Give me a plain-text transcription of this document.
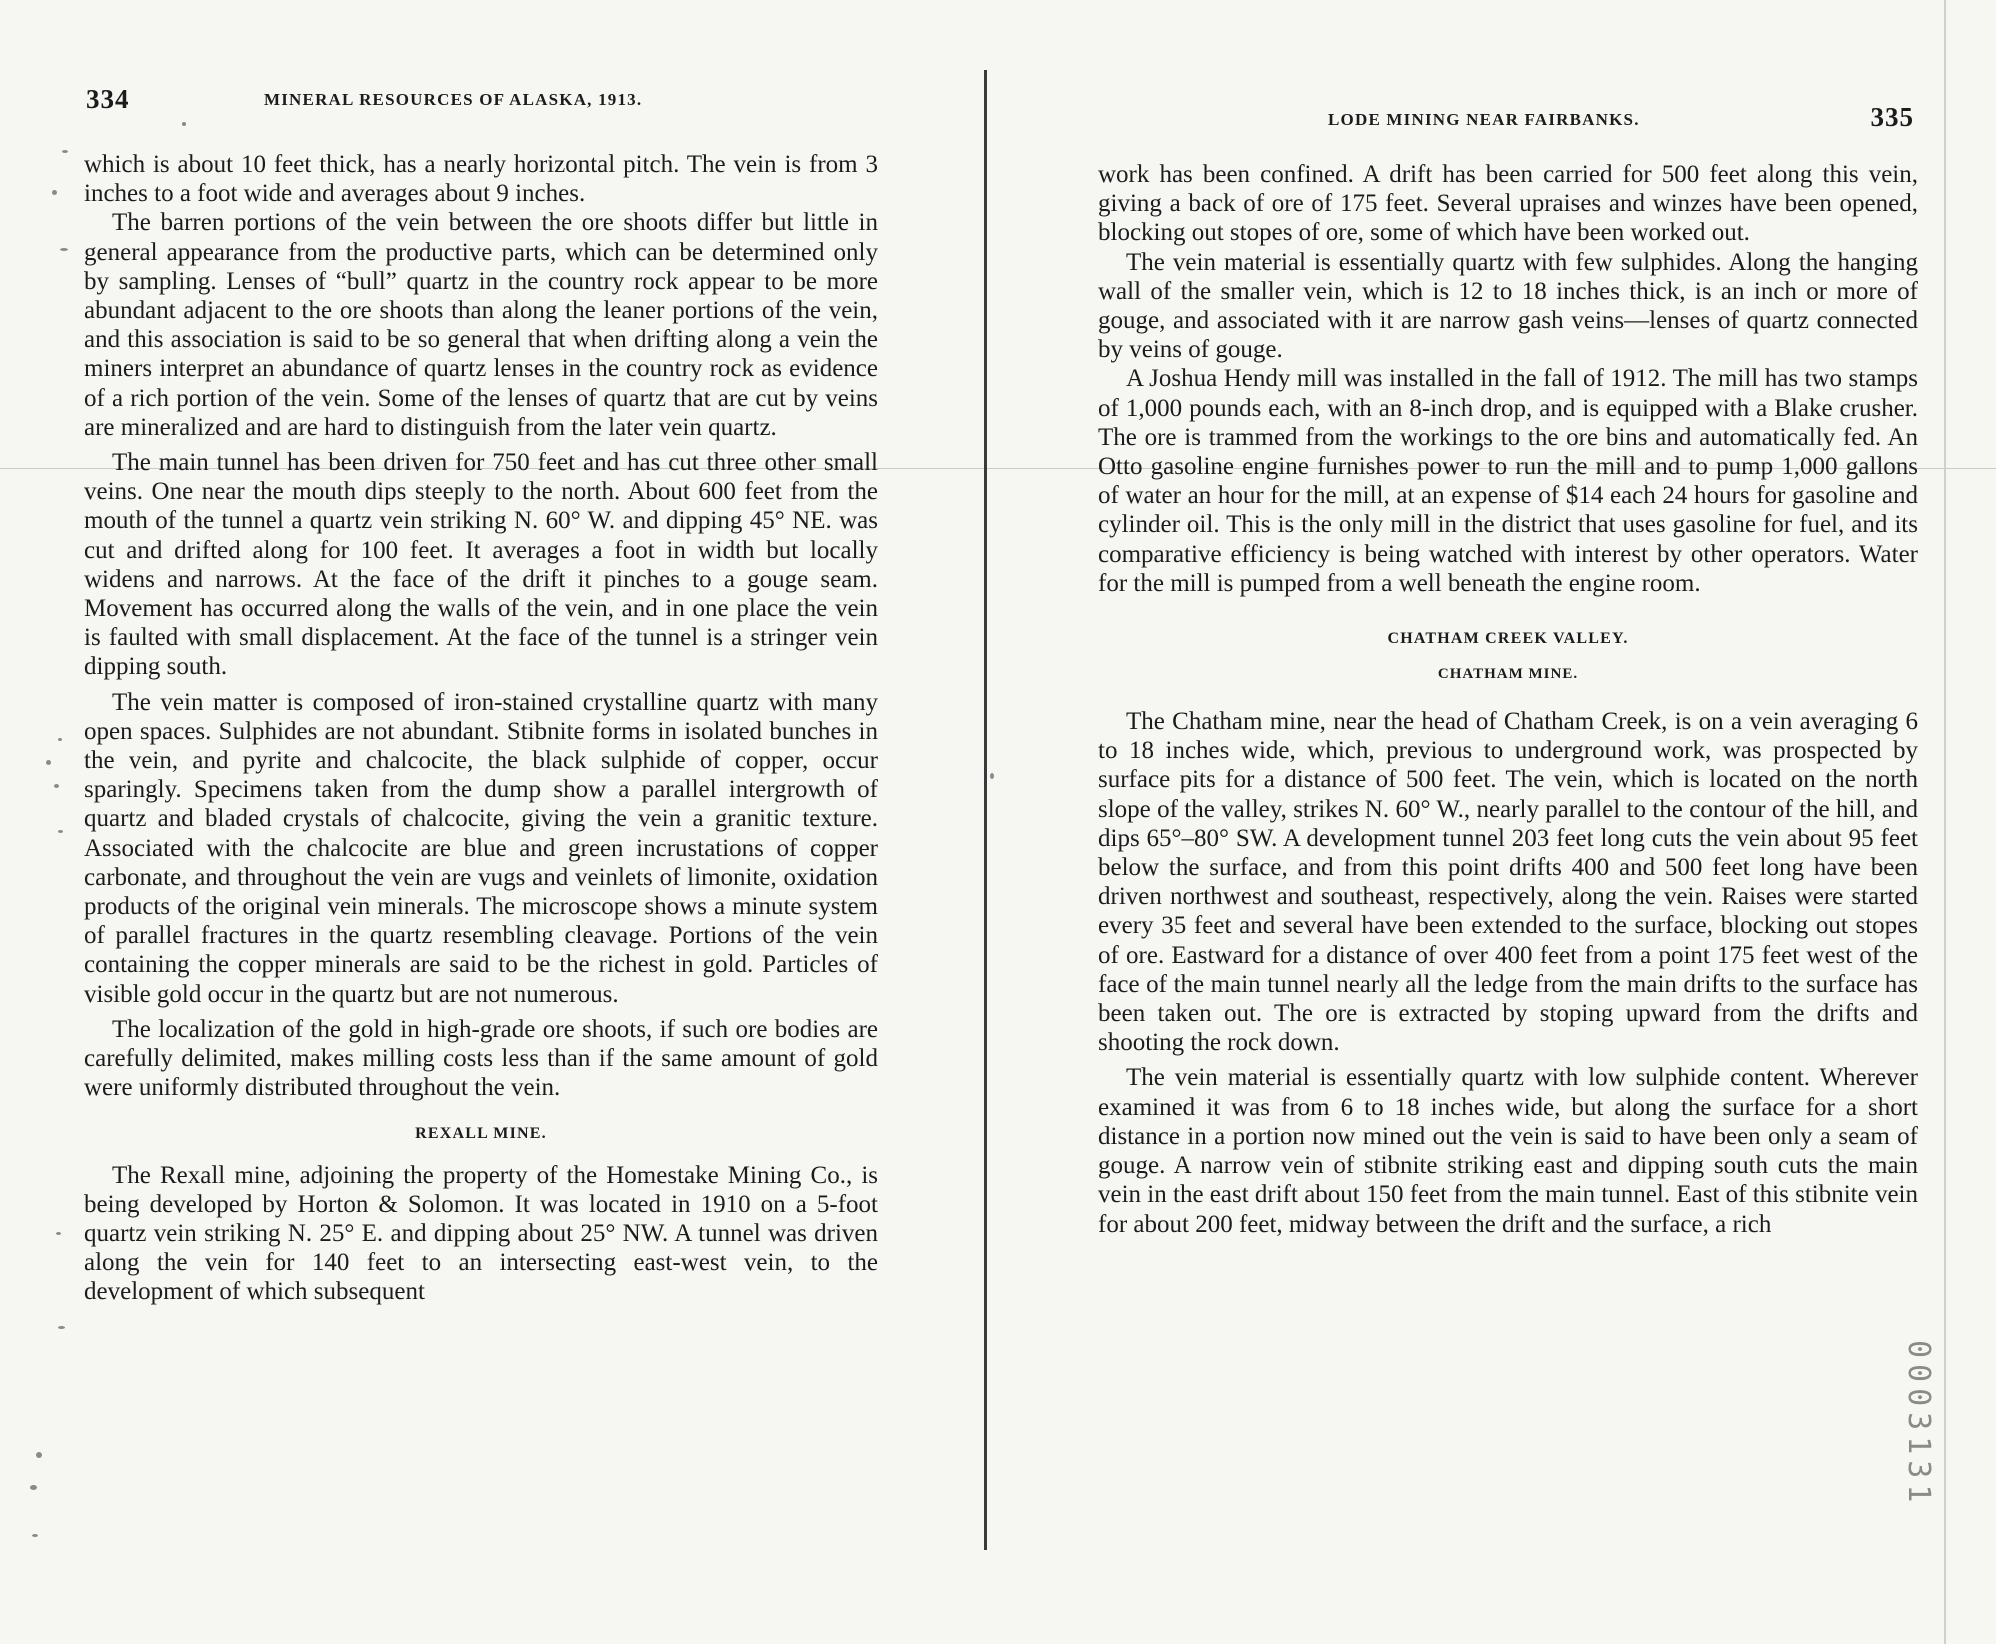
334	MINERAL RESOURCES OF ALASKA, 1913.

which is about 10 feet thick, has a nearly horizontal pitch. The vein is from 3 inches to a foot wide and averages about 9 inches.

The barren portions of the vein between the ore shoots differ but little in general appearance from the productive parts, which can be determined only by sampling. Lenses of “bull” quartz in the country rock appear to be more abundant adjacent to the ore shoots than along the leaner portions of the vein, and this association is said to be so general that when drifting along a vein the miners interpret an abundance of quartz lenses in the country rock as evidence of a rich portion of the vein. Some of the lenses of quartz that are cut by veins are mineralized and are hard to distinguish from the later vein quartz.

The main tunnel has been driven for 750 feet and has cut three other small veins. One near the mouth dips steeply to the north. About 600 feet from the mouth of the tunnel a quartz vein striking N. 60° W. and dipping 45° NE. was cut and drifted along for 100 feet. It averages a foot in width but locally widens and narrows. At the face of the drift it pinches to a gouge seam. Movement has occurred along the walls of the vein, and in one place the vein is faulted with small displacement. At the face of the tunnel is a stringer vein dipping south.

The vein matter is composed of iron-stained crystalline quartz with many open spaces. Sulphides are not abundant. Stibnite forms in isolated bunches in the vein, and pyrite and chalcocite, the black sulphide of copper, occur sparingly. Specimens taken from the dump show a parallel intergrowth of quartz and bladed crystals of chalcocite, giving the vein a granitic texture. Associated with the chalcocite are blue and green incrustations of copper carbonate, and throughout the vein are vugs and veinlets of limonite, oxidation products of the original vein minerals. The microscope shows a minute system of parallel fractures in the quartz resembling cleavage. Portions of the vein containing the copper minerals are said to be the richest in gold. Particles of visible gold occur in the quartz but are not numerous.

The localization of the gold in high-grade ore shoots, if such ore bodies are carefully delimited, makes milling costs less than if the same amount of gold were uniformly distributed throughout the vein.

REXALL MINE.

The Rexall mine, adjoining the property of the Homestake Mining Co., is being developed by Horton & Solomon. It was located in 1910 on a 5-foot quartz vein striking N. 25° E. and dipping about 25° NW. A tunnel was driven along the vein for 140 feet to an intersecting east-west vein, to the development of which subsequent

LODE MINING NEAR FAIRBANKS.	335

work has been confined. A drift has been carried for 500 feet along this vein, giving a back of ore of 175 feet. Several upraises and winzes have been opened, blocking out stopes of ore, some of which have been worked out.

The vein material is essentially quartz with few sulphides. Along the hanging wall of the smaller vein, which is 12 to 18 inches thick, is an inch or more of gouge, and associated with it are narrow gash veins—lenses of quartz connected by veins of gouge.

A Joshua Hendy mill was installed in the fall of 1912. The mill has two stamps of 1,000 pounds each, with an 8-inch drop, and is equipped with a Blake crusher. The ore is trammed from the workings to the ore bins and automatically fed. An Otto gasoline engine furnishes power to run the mill and to pump 1,000 gallons of water an hour for the mill, at an expense of $14 each 24 hours for gasoline and cylinder oil. This is the only mill in the district that uses gasoline for fuel, and its comparative efficiency is being watched with interest by other operators. Water for the mill is pumped from a well beneath the engine room.

CHATHAM CREEK VALLEY.
CHATHAM MINE.

The Chatham mine, near the head of Chatham Creek, is on a vein averaging 6 to 18 inches wide, which, previous to underground work, was prospected by surface pits for a distance of 500 feet. The vein, which is located on the north slope of the valley, strikes N. 60° W., nearly parallel to the contour of the hill, and dips 65°–80° SW. A development tunnel 203 feet long cuts the vein about 95 feet below the surface, and from this point drifts 400 and 500 feet long have been driven northwest and southeast, respectively, along the vein. Raises were started every 35 feet and several have been extended to the surface, blocking out stopes of ore. Eastward for a distance of over 400 feet from a point 175 feet west of the face of the main tunnel nearly all the ledge from the main drifts to the surface has been taken out. The ore is extracted by stoping upward from the drifts and shooting the rock down.

The vein material is essentially quartz with low sulphide content. Wherever examined it was from 6 to 18 inches wide, but along the surface for a short distance in a portion now mined out the vein is said to have been only a seam of gouge. A narrow vein of stibnite striking east and dipping south cuts the main vein in the east drift about 150 feet from the main tunnel. East of this stibnite vein for about 200 feet, midway between the drift and the surface, a rich

0003131
